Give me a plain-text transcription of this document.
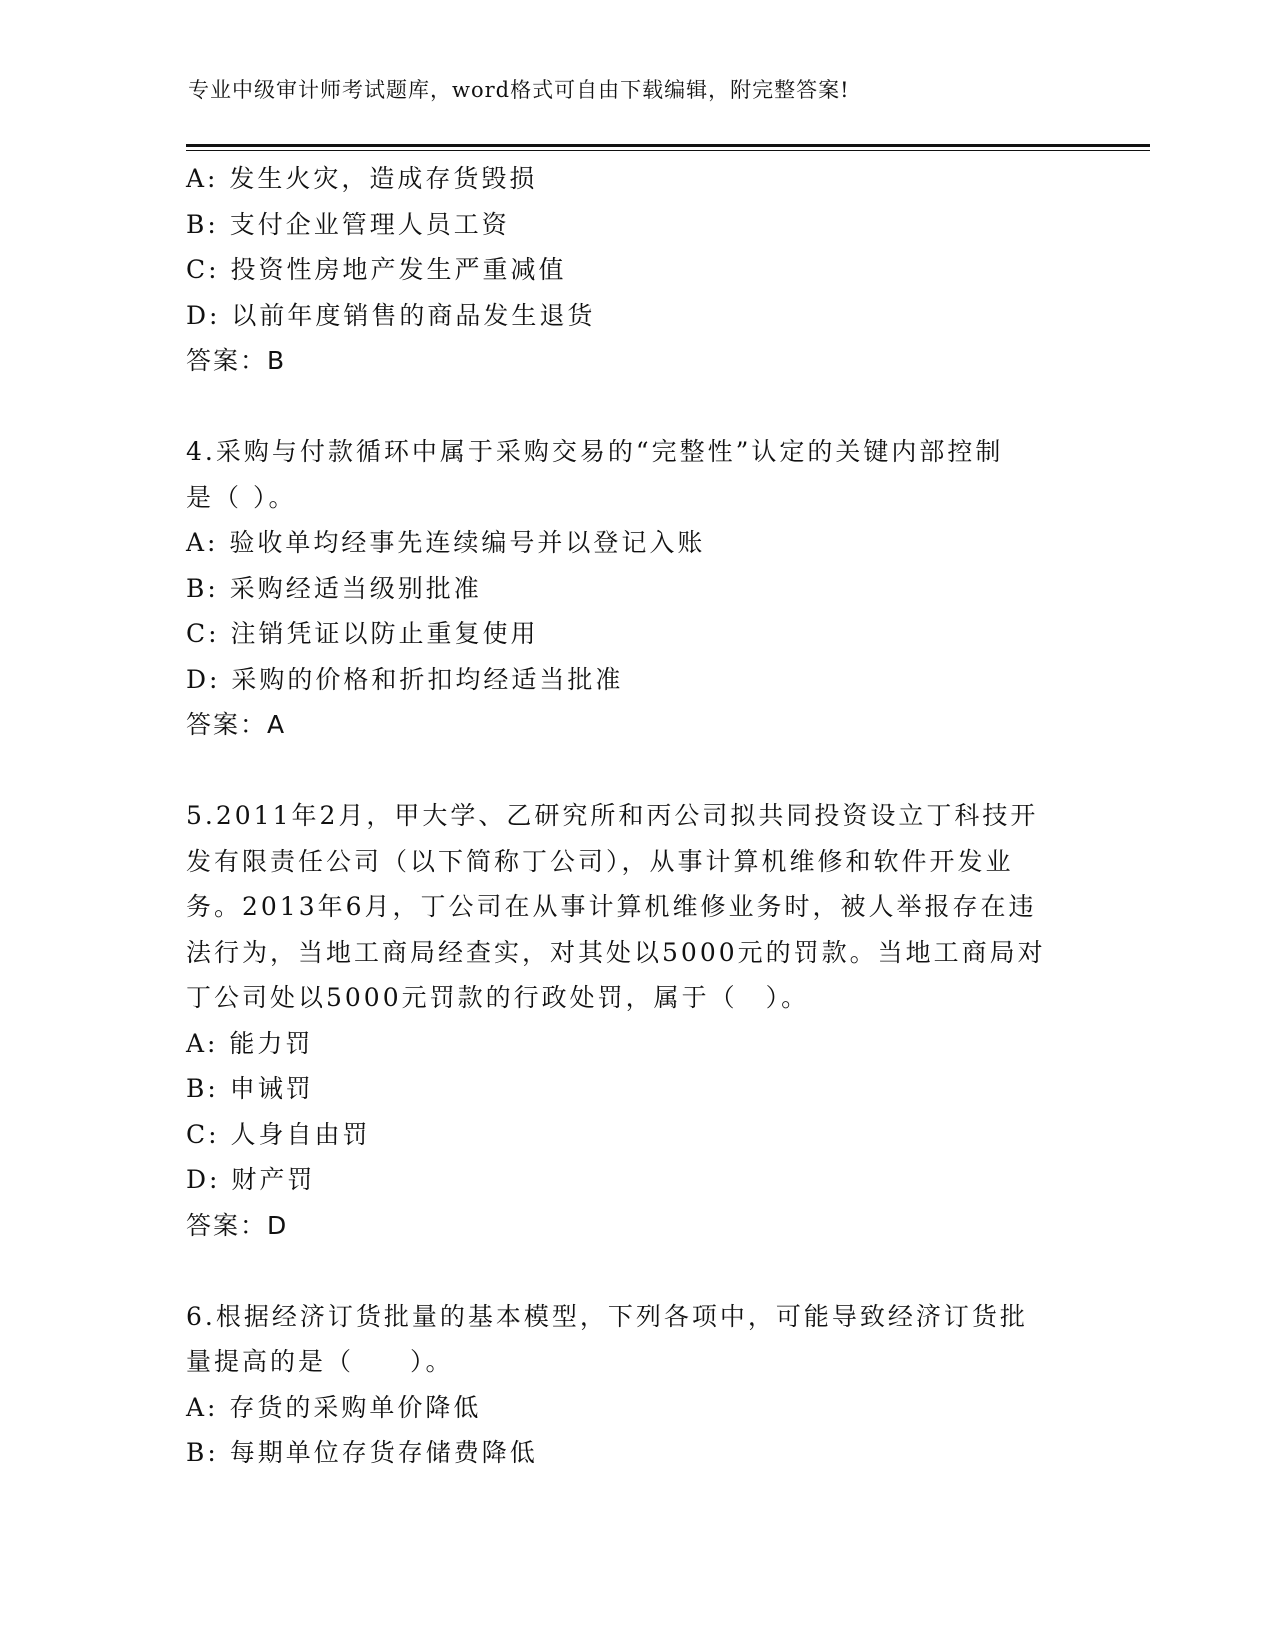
专业中级审计师考试题库，word格式可自由下载编辑，附完整答案!
A: 发生火灾，造成存货毁损
B: 支付企业管理人员工资
C: 投资性房地产发生严重减值
D: 以前年度销售的商品发生退货
答案：B
4.采购与付款循环中属于采购交易的“完整性”认定的关键内部控制
是（ ）。
A: 验收单均经事先连续编号并以登记入账
B: 采购经适当级别批准
C: 注销凭证以防止重复使用
D: 采购的价格和折扣均经适当批准
答案：A
5.2011年2月，甲大学、乙研究所和丙公司拟共同投资设立丁科技开
发有限责任公司（以下简称丁公司），从事计算机维修和软件开发业
务。2013年6月，丁公司在从事计算机维修业务时，被人举报存在违
法行为，当地工商局经查实，对其处以5000元的罚款。当地工商局对
丁公司处以5000元罚款的行政处罚，属于（　）。
A: 能力罚
B: 申诫罚
C: 人身自由罚
D: 财产罚
答案：D
6.根据经济订货批量的基本模型，下列各项中，可能导致经济订货批
量提高的是（　　）。
A: 存货的采购单价降低
B: 每期单位存货存储费降低
